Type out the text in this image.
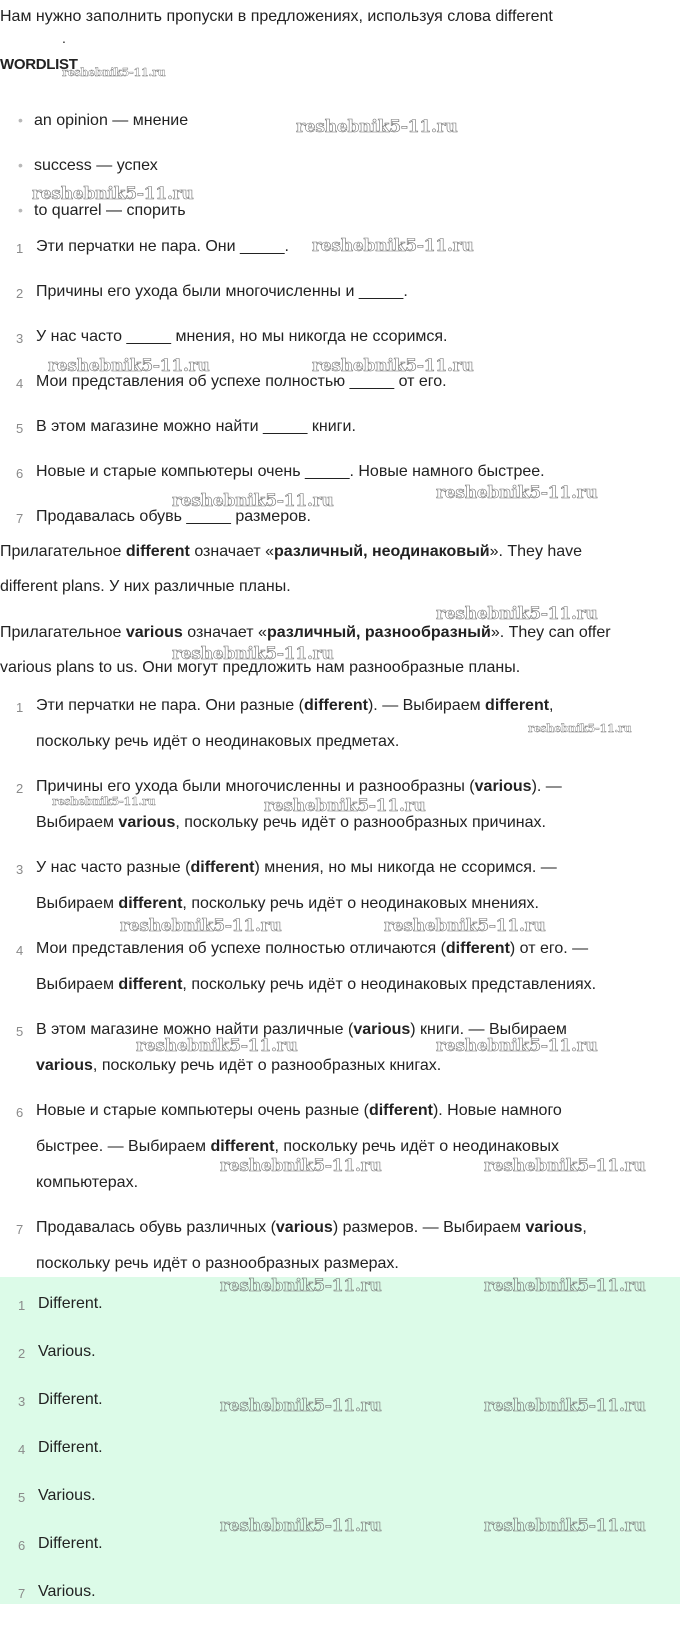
Нам нужно заполнить пропуски в предложениях, используя слова different
.
WORDLIST
• an opinion — мнение
• success — успех
• to quarrel — спорить
1 Эти перчатки не пара. Они _____.
2 Причины его ухода были многочисленны и _____.
3 У нас часто _____ мнения, но мы никогда не ссоримся.
4 Мои представления об успехе полностью _____ от его.
5 В этом магазине можно найти _____ книги.
6 Новые и старые компьютеры очень _____. Новые намного быстрее.
7 Продавалась обувь _____ размеров.
Прилагательное different означает «различный, неодинаковый». They have
different plans. У них различные планы.
Прилагательное various означает «различный, разнообразный». They can offer
various plans to us. Они могут предложить нам разнообразные планы.
1 Эти перчатки не пара. Они разные (different). — Выбираем different,
поскольку речь идёт о неодинаковых предметах.
2 Причины его ухода были многочисленны и разнообразны (various). —
Выбираем various, поскольку речь идёт о разнообразных причинах.
3 У нас часто разные (different) мнения, но мы никогда не ссоримся. —
Выбираем different, поскольку речь идёт о неодинаковых мнениях.
4 Мои представления об успехе полностью отличаются (different) от его. —
Выбираем different, поскольку речь идёт о неодинаковых представлениях.
5 В этом магазине можно найти различные (various) книги. — Выбираем
various, поскольку речь идёт о разнообразных книгах.
6 Новые и старые компьютеры очень разные (different). Новые намного
быстрее. — Выбираем different, поскольку речь идёт о неодинаковых
компьютерах.
7 Продавалась обувь различных (various) размеров. — Выбираем various,
поскольку речь идёт о разнообразных размерах.
1 Different.
2 Various.
3 Different.
4 Different.
5 Various.
6 Different.
7 Various.
reshebnik5-11.ru
reshebnik5-11.ru
reshebnik5-11.ru
reshebnik5-11.ru
reshebnik5-11.ru	reshebnik5-11.ru
reshebnik5-11.ru
reshebnik5-11.ru
reshebnik5-11.ru
reshebnik5-11.ru
reshebnik5-11.ru
reshebnik5-11.ru	reshebnik5-11.ru
reshebnik5-11.ru	reshebnik5-11.ru
reshebnik5-11.ru	reshebnik5-11.ru
reshebnik5-11.ru	reshebnik5-11.ru
reshebnik5-11.ru	reshebnik5-11.ru
reshebnik5-11.ru	reshebnik5-11.ru
reshebnik5-11.ru	reshebnik5-11.ru
